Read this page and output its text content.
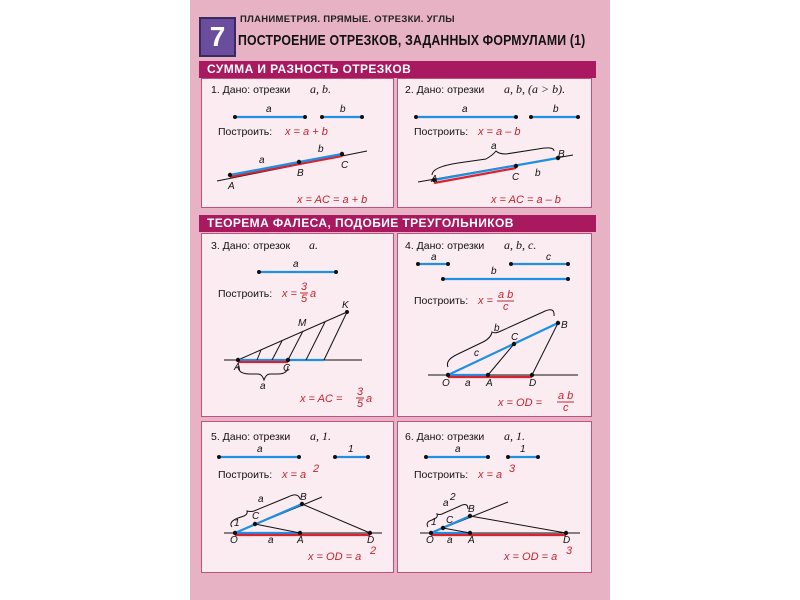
7
ПЛАНИМЕТРИЯ. ПРЯМЫЕ. ОТРЕЗКИ. УГЛЫ
ПОСТРОЕНИЕ ОТРЕЗКОВ, ЗАДАННЫХ ФОРМУЛАМИ (1)
СУММА И РАЗНОСТЬ ОТРЕЗКОВ
ТЕОРЕМА ФАЛЕСА, ПОДОБИЕ ТРЕУГОЛЬНИКОВ
1. Дано: отрезки a, b.
a	b
Построить: x = a + b
a
b
A
B
C
x = AC = a + b
2. Дано: отрезки a, b, (a > b).
a	b
Построить: x = a – b
a
b
A	C
B
x = AC = a – b
3. Дано: отрезок a.
a
Построить: x =
3
5 a
A	C
M
K
a
x = AC =
3
5 a
4. Дано: отрезки a, b, c.
a	c
b
Построить: x = a b
c
b
c
O a A
C
B
D
x = OD =
a b
c
5. Дано: отрезки a, 1.
a	1
Построить: x = a 2
a
1
O	a A	D
C
B
x = OD = a 2
6. Дано: отрезки a, 1.
a	1
Построить: x = a 3
a
2
1
O a A	D
C
B
x = OD = a 3
